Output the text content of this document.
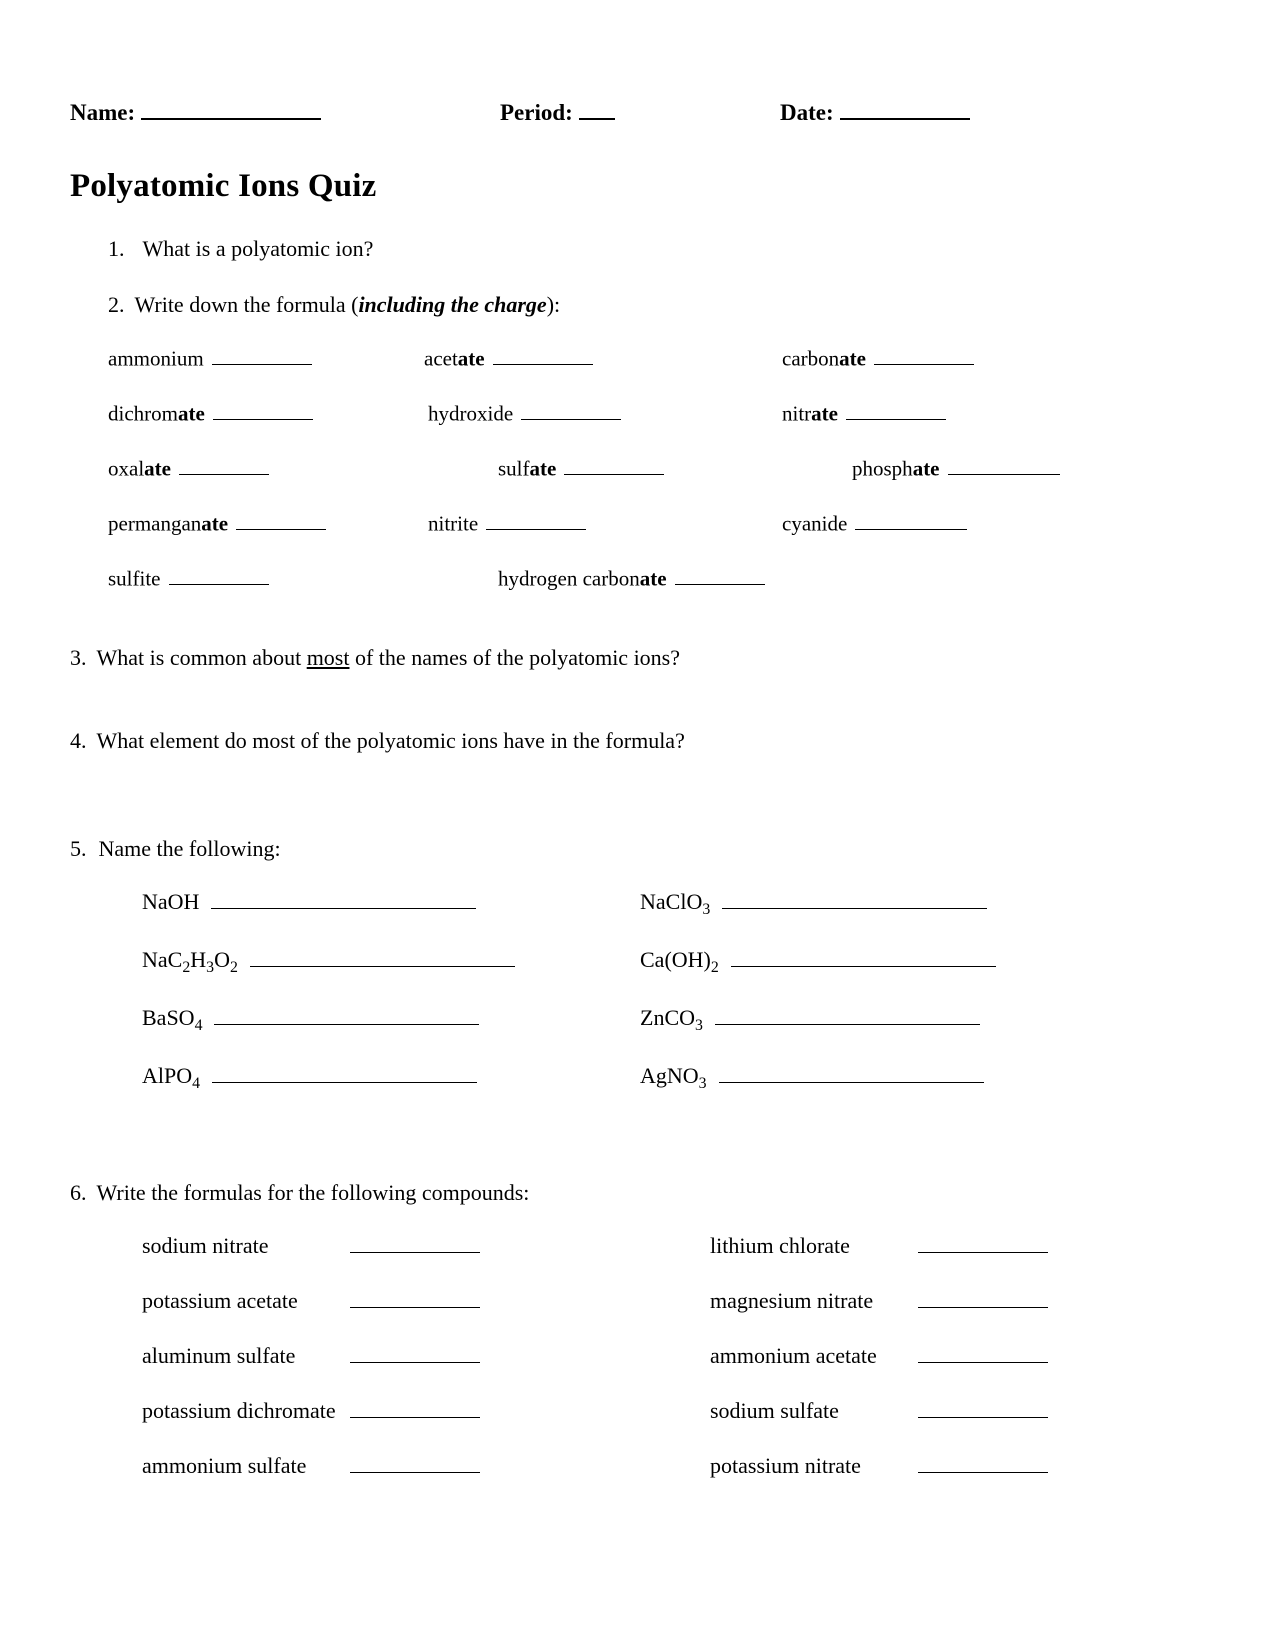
Name:	Period:	Date:
Polyatomic Ions Quiz
1. What is a polyatomic ion?
2. Write down the formula (including the charge):
ammonium	acetate	carbonate
dichromate	hydroxide	nitrate
oxalate	sulfate	phosphate
permanganate	nitrite	cyanide
sulfite	hydrogen carbonate
3. What is common about most of the names of the polyatomic ions?
4. What element do most of the polyatomic ions have in the formula?
5. Name the following:
NaOH	NaClO$_3$
$NaC_2H_3O_2$	$Ca(OH)_2$
BaSO$_4$	ZnCO$_3$
AlPO$_4$	AgNO$_3$
6. Write the formulas for the following compounds:
sodium nitrate	lithium chlorate
potassium acetate	magnesium nitrate
aluminum sulfate	ammonium acetate
potassium dichromate	sodium sulfate
ammonium sulfate	potassium nitrate
